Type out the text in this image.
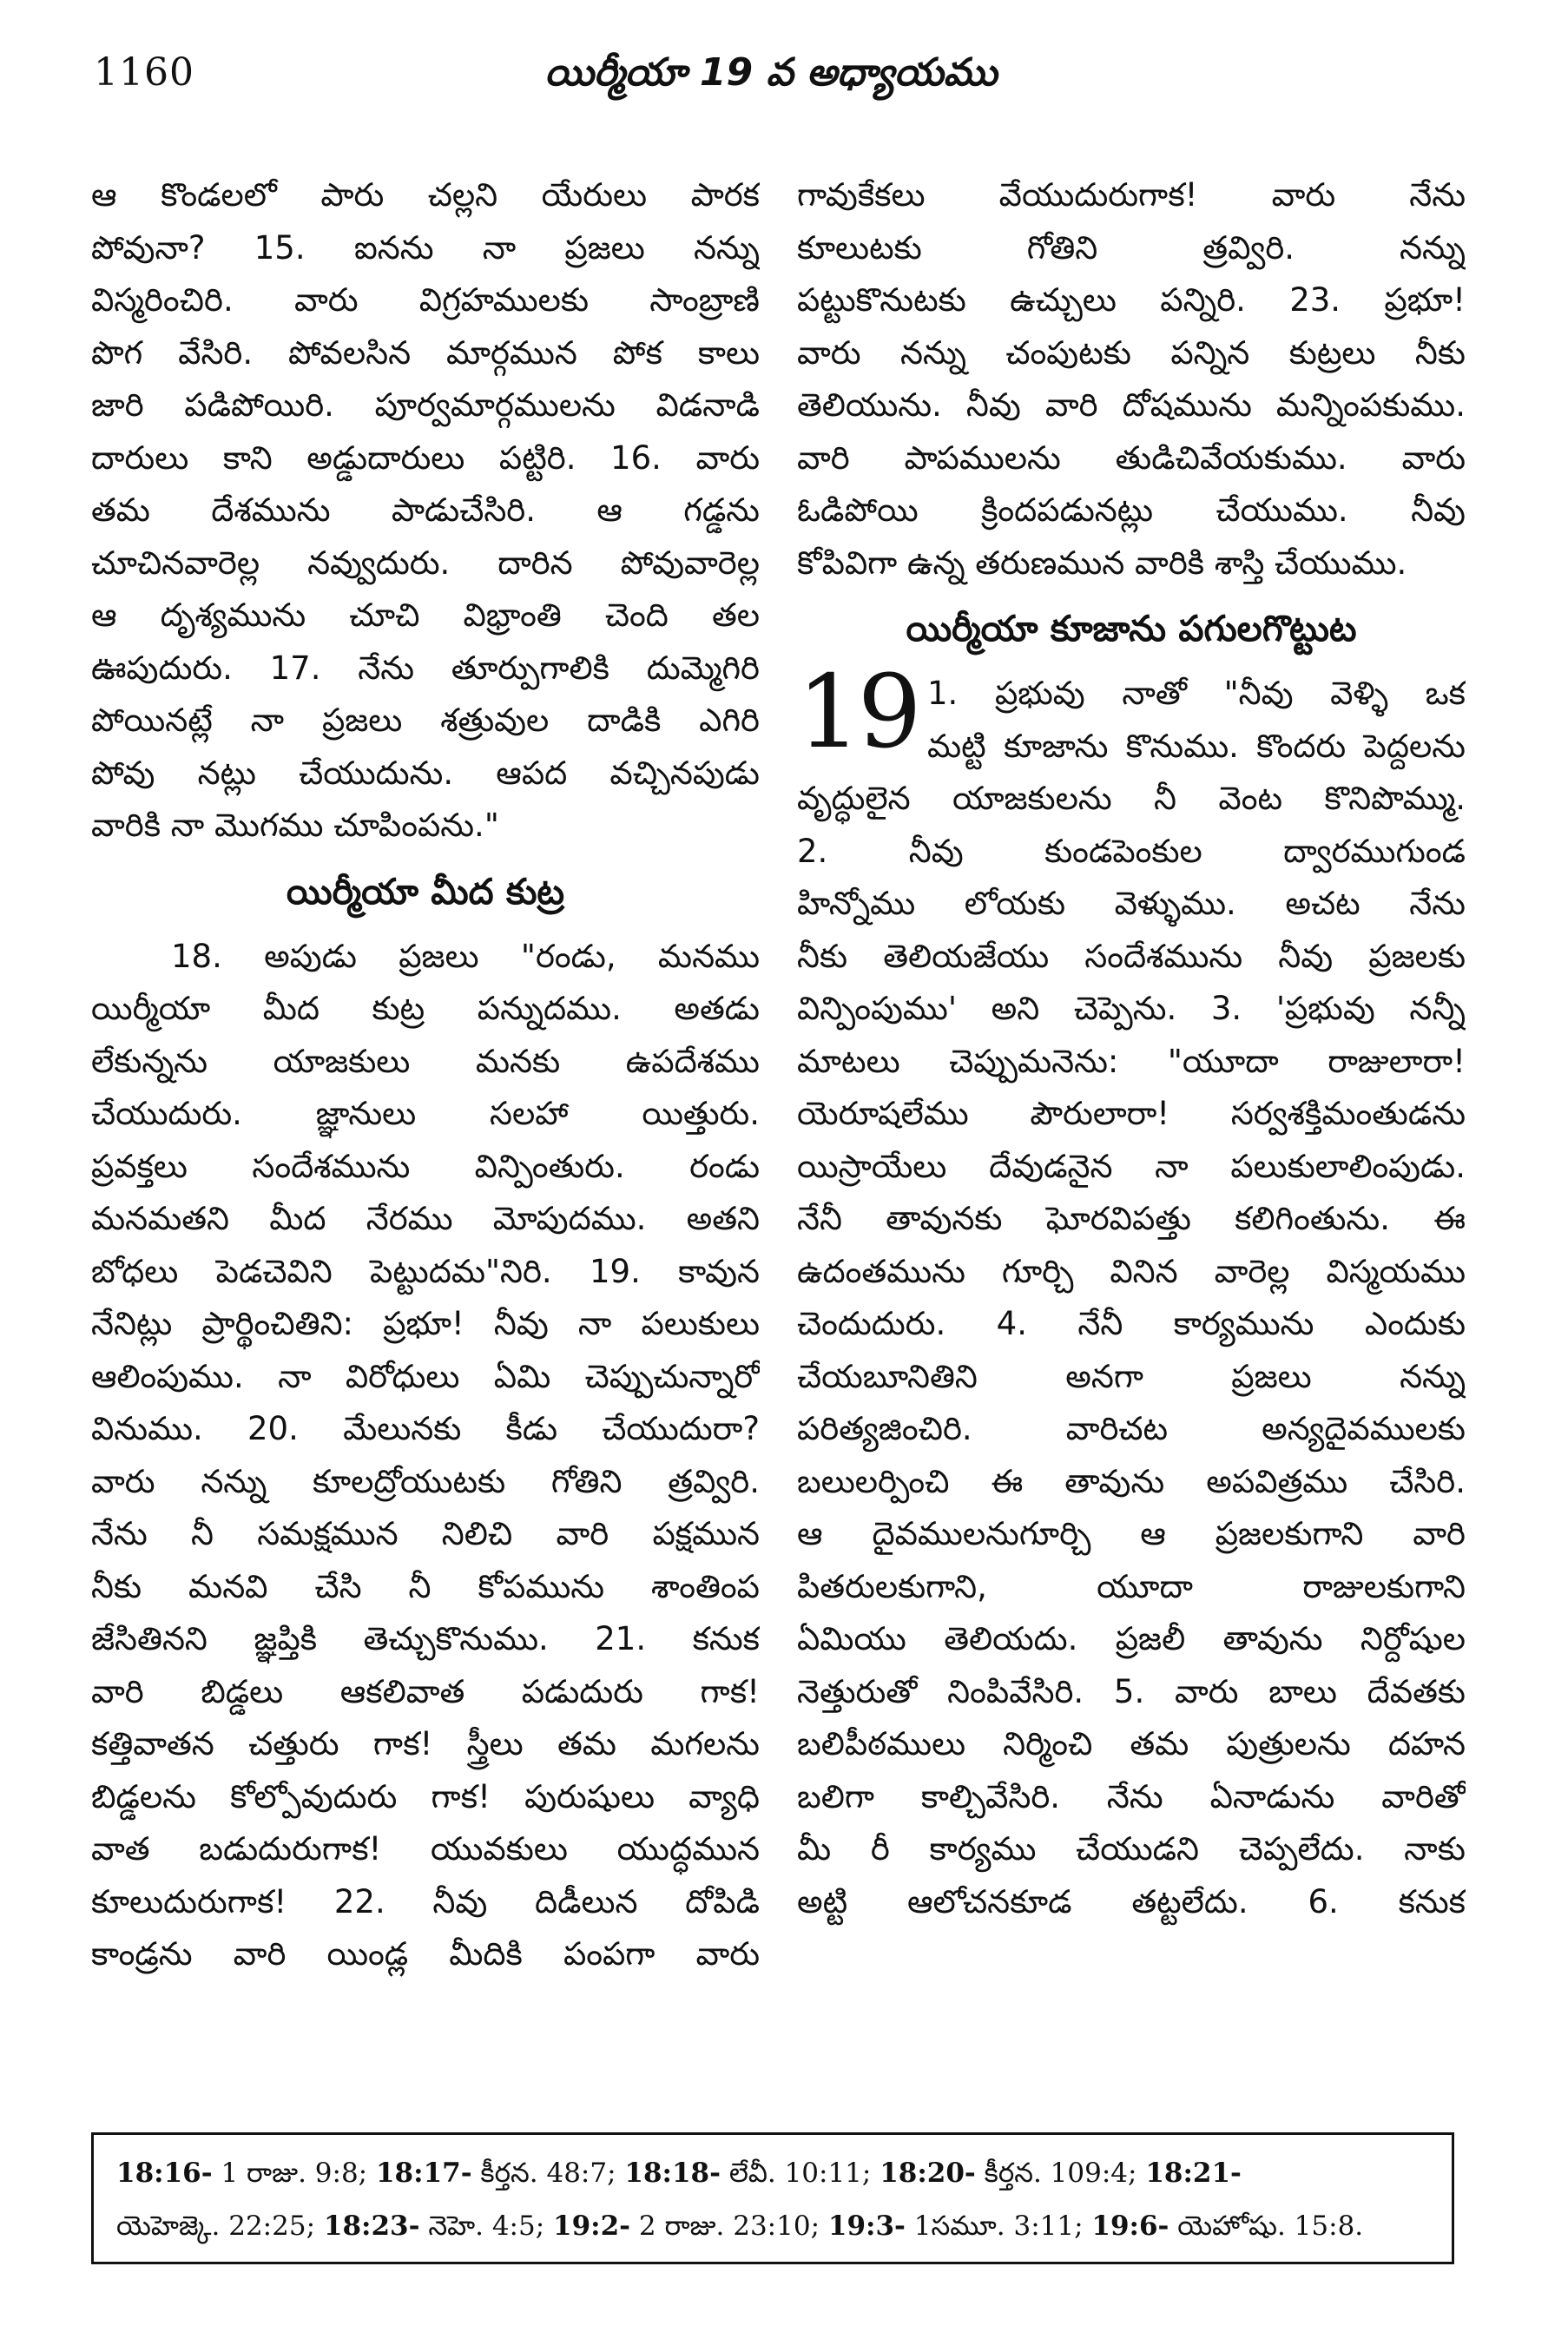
1160	యిర్మీయా 19 వ అధ్యాయము
ఆ కొండలలో పారు చల్లని యేరులు పారక
పోవునా? 15. ఐనను నా ప్రజలు నన్ను
విస్మరించిరి. వారు విగ్రహములకు సాంబ్రాణి
పొగ వేసిరి. పోవలసిన మార్గమున పోక కాలు
జారి పడిపోయిరి. పూర్వమార్గములను విడనాడి
దారులు కాని అడ్డుదారులు పట్టిరి. 16. వారు
తమ దేశమును పాడుచేసిరి. ఆ గడ్డను
చూచినవారెల్ల నవ్వుదురు. దారిన పోవువారెల్ల
ఆ దృశ్యమును చూచి విభ్రాంతి చెంది తల
ఊపుదురు. 17. నేను తూర్పుగాలికి దుమ్మెగిరి
పోయినట్లే నా ప్రజలు శత్రువుల దాడికి ఎగిరి
పోవు నట్లు చేయుదును. ఆపద వచ్చినపుడు
వారికి నా మొగము చూపింపను."
యిర్మీయా మీద కుట్ర
18. అపుడు ప్రజలు "రండు, మనము
యిర్మీయా మీద కుట్ర పన్నుదము. అతడు
లేకున్నను యాజకులు మనకు ఉపదేశము
చేయుదురు. జ్ఞానులు సలహా యిత్తురు.
ప్రవక్తలు సందేశమును విన్పింతురు. రండు
మనమతని మీద నేరము మోపుదము. అతని
బోధలు పెడచెవిని పెట్టుదమ"నిరి. 19. కావున
నేనిట్లు ప్రార్థించితిని: ప్రభూ! నీవు నా పలుకులు
ఆలింపుము. నా విరోధులు ఏమి చెప్పుచున్నారో
వినుము. 20. మేలునకు కీడు చేయుదురా?
వారు నన్ను కూలద్రోయుటకు గోతిని త్రవ్విరి.
నేను నీ సమక్షమున నిలిచి వారి పక్షమున
నీకు మనవి చేసి నీ కోపమును శాంతింప
జేసితినని జ్ఞప్తికి తెచ్చుకొనుము. 21. కనుక
వారి బిడ్డలు ఆకలివాత పడుదురు గాక!
కత్తివాతన చత్తురు గాక! స్త్రీలు తమ మగలను
బిడ్డలను కోల్పోవుదురు గాక! పురుషులు వ్యాధి
వాత బడుదురుగాక! యువకులు యుద్ధమున
కూలుదురుగాక! 22. నీవు దిడీలున దోపిడి
కాండ్రను వారి యిండ్ల మీదికి పంపగా వారు
గావుకేకలు వేయుదురుగాక! వారు నేను
కూలుటకు గోతిని త్రవ్విరి. నన్ను
పట్టుకొనుటకు ఉచ్చులు పన్నిరి. 23. ప్రభూ!
వారు నన్ను చంపుటకు పన్నిన కుట్రలు నీకు
తెలియును. నీవు వారి దోషమును మన్నింపకుము.
వారి పాపములను తుడిచివేయకుము. వారు
ఓడిపోయి క్రిందపడునట్లు చేయుము. నీవు
కోపివిగా ఉన్న తరుణమున వారికి శాస్తి చేయుము.
యిర్మీయా కూజాను పగులగొట్టుట
19 1. ప్రభువు నాతో "నీవు వెళ్ళి ఒక
మట్టి కూజాను కొనుము. కొందరు పెద్దలను
వృద్ధులైన యాజకులను నీ వెంట కొనిపొమ్ము.
2. నీవు కుండపెంకుల ద్వారముగుండ
హిన్నోము లోయకు వెళ్ళుము. అచట నేను
నీకు తెలియజేయు సందేశమును నీవు ప్రజలకు
విన్పింపుము' అని చెప్పెను. 3. 'ప్రభువు నన్నీ
మాటలు చెప్పుమనెను: "యూదా రాజులారా!
యెరూషలేము పౌరులారా! సర్వశక్తిమంతుడను
యిస్రాయేలు దేవుడనైన నా పలుకులాలింపుడు.
నేనీ తావునకు ఘోరవిపత్తు కలిగింతును. ఈ
ఉదంతమును గూర్చి వినిన వారెల్ల విస్మయము
చెందుదురు. 4. నేనీ కార్యమును ఎందుకు
చేయబూనితిని అనగా ప్రజలు నన్ను
పరిత్యజించిరి. వారిచట అన్యదైవములకు
బలులర్పించి ఈ తావును అపవిత్రము చేసిరి.
ఆ దైవములనుగూర్చి ఆ ప్రజలకుగాని వారి
పితరులకుగాని, యూదా రాజులకుగాని
ఏమియు తెలియదు. ప్రజలీ తావును నిర్దోషుల
నెత్తురుతో నింపివేసిరి. 5. వారు బాలు దేవతకు
బలిపీఠములు నిర్మించి తమ పుత్రులను దహన
బలిగా కాల్చివేసిరి. నేను ఏనాడును వారితో
మీ రీ కార్యము చేయుడని చెప్పలేదు. నాకు
అట్టి ఆలోచనకూడ తట్టలేదు. 6. కనుక
18:16- 1 రాజు. 9:8; 18:17- కీర్తన. 48:7; 18:18- లేవీ. 10:11; 18:20- కీర్తన. 109:4; 18:21-
యెహెజ్కె. 22:25; 18:23- నెహె. 4:5; 19:2- 2 రాజు. 23:10; 19:3- 1సమూ. 3:11; 19:6- యెహోషు. 15:8.
